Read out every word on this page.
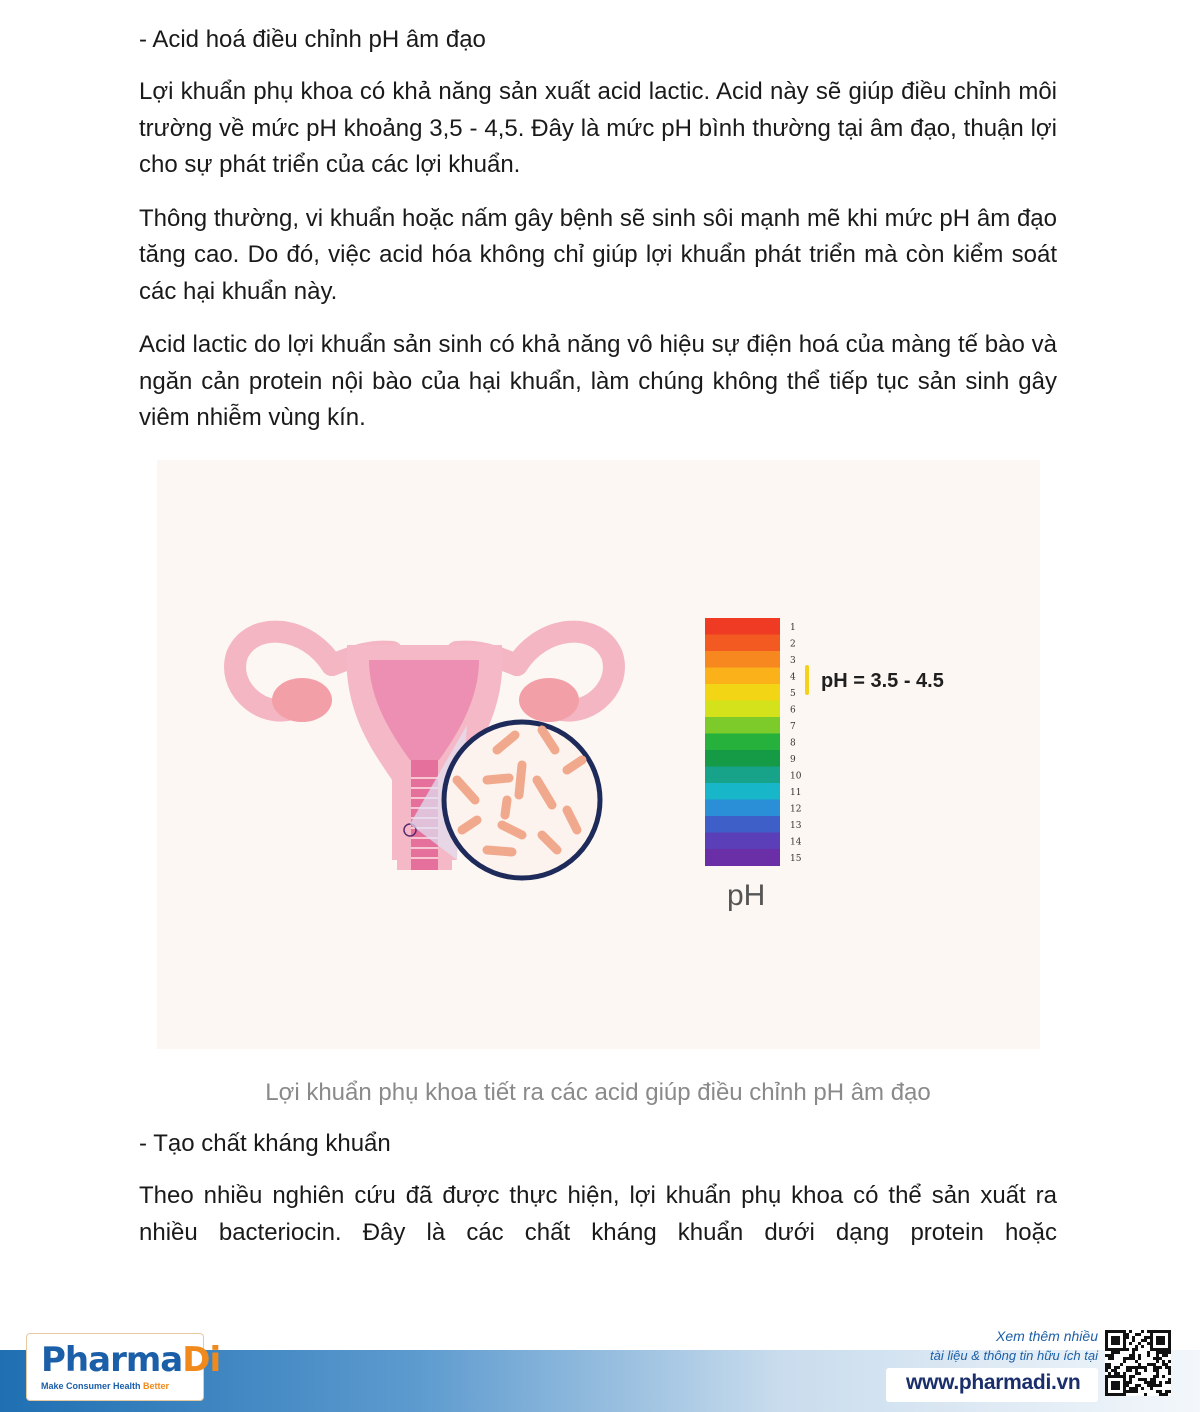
- Acid hoá điều chỉnh pH âm đạo

Lợi khuẩn phụ khoa có khả năng sản xuất acid lactic. Acid này sẽ giúp điều chỉnh môi trường về mức pH khoảng 3,5 - 4,5. Đây là mức pH bình thường tại âm đạo, thuận lợi cho sự phát triển của các lợi khuẩn.

Thông thường, vi khuẩn hoặc nấm gây bệnh sẽ sinh sôi mạnh mẽ khi mức pH âm đạo tăng cao. Do đó, việc acid hóa không chỉ giúp lợi khuẩn phát triển mà còn kiểm soát các hại khuẩn này.

Acid lactic do lợi khuẩn sản sinh có khả năng vô hiệu sự điện hoá của màng tế bào và ngăn cản protein nội bào của hại khuẩn, làm chúng không thể tiếp tục sản sinh gây viêm nhiễm vùng kín.

1
2
3
4
5
6
7
8
9
10
11
12
13
14
15
pH = 3.5 - 4.5
pH
Lợi khuẩn phụ khoa tiết ra các acid giúp điều chỉnh pH âm đạo
- Tạo chất kháng khuẩn

Theo nhiều nghiên cứu đã được thực hiện, lợi khuẩn phụ khoa có thể sản xuất ra nhiều bacteriocin. Đây là các chất kháng khuẩn dưới dạng protein hoặc

PharmaDi
Make Consumer Health Better
Xem thêm nhiều
tài liệu & thông tin hữu ích tại
www.pharmadi.vn
